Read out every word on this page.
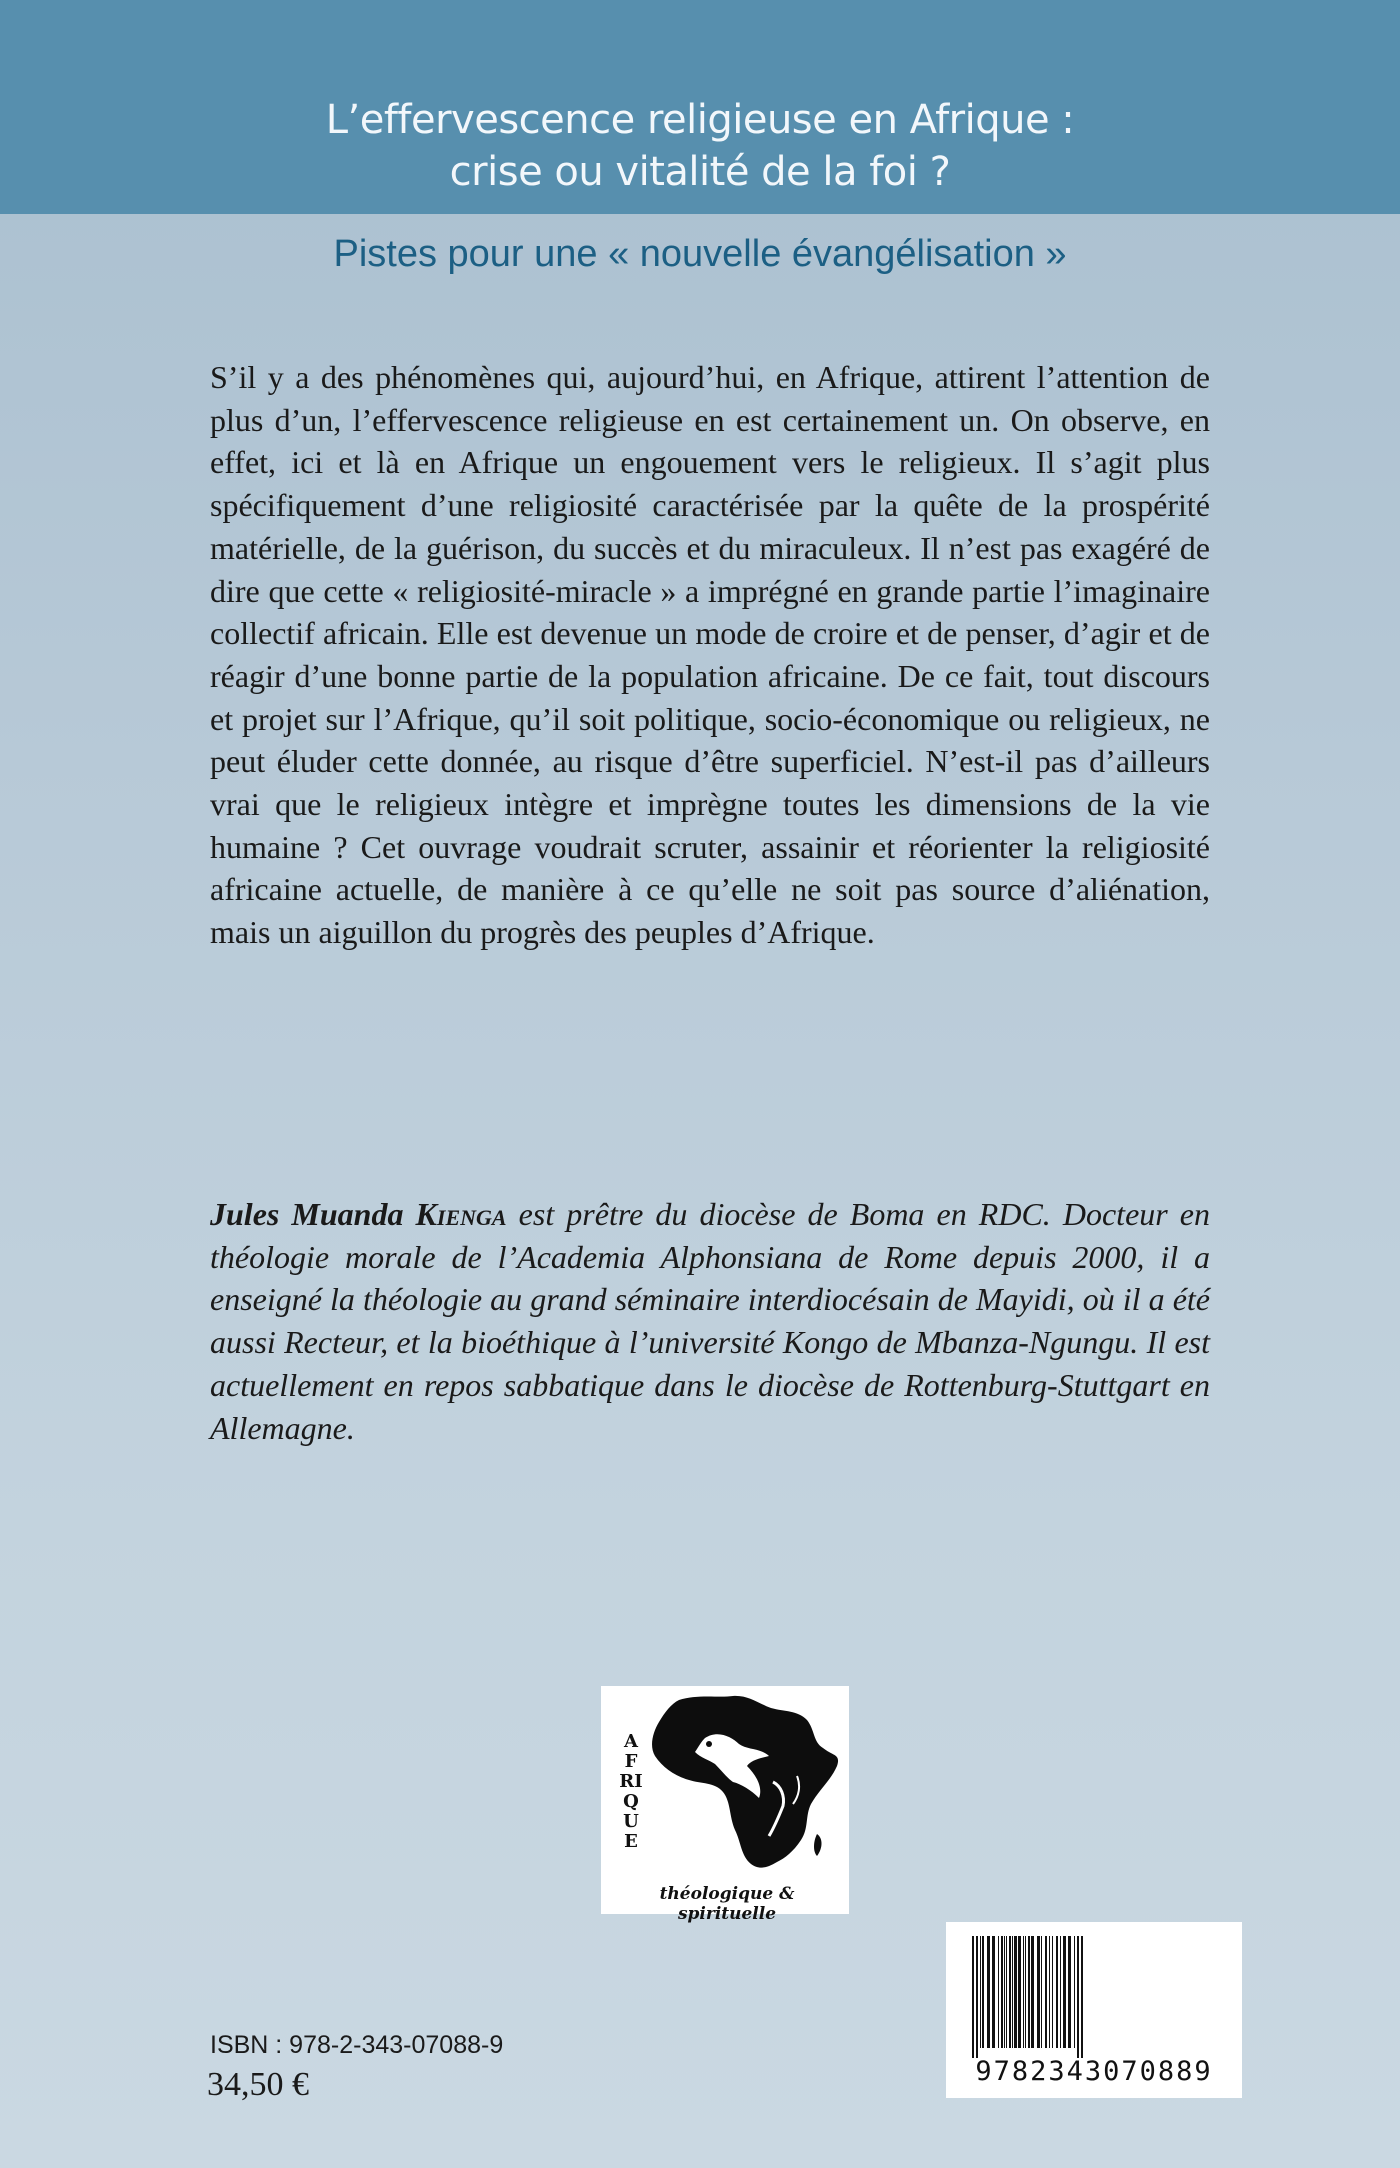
L’effervescence religieuse en Afrique :
crise ou vitalité de la foi ?
Pistes pour une « nouvelle évangélisation »

S’il y a des phénomènes qui, aujourd’hui, en Afrique, attirent l’attention de plus d’un, l’effervescence religieuse en est certainement un. On observe, en effet, ici et là en Afrique un engouement vers le religieux. Il s’agit plus spécifiquement d’une religiosité caractérisée par la quête de la prospérité matérielle, de la guérison, du succès et du miraculeux. Il n’est pas exagéré de dire que cette « religiosité-miracle » a imprégné en grande partie l’imaginaire collectif africain. Elle est devenue un mode de croire et de penser, d’agir et de réagir d’une bonne partie de la population africaine. De ce fait, tout discours et projet sur l’Afrique, qu’il soit politique, socio-économique ou religieux, ne peut éluder cette donnée, au risque d’être superficiel. N’est-il pas d’ailleurs vrai que le religieux intègre et imprègne toutes les dimensions de la vie humaine ? Cet ouvrage voudrait scruter, assainir et réorienter la religiosité africaine actuelle, de manière à ce qu’elle ne soit pas source d’aliénation, mais un aiguillon du progrès des peuples d’Afrique.

Jules Muanda Kienga est prêtre du diocèse de Boma en RDC. Docteur en théologie morale de l’Academia Alphonsiana de Rome depuis 2000, il a enseigné la théologie au grand séminaire interdiocésain de Mayidi, où il a été aussi Recteur, et la bioéthique à l’université Kongo de Mbanza-Ngungu. Il est actuellement en repos sabbatique dans le diocèse de Rottenburg-Stuttgart en Allemagne.

AFRIQUE
théologique & spirituelle
ISBN : 978-2-343-07088-9
34,50 €	9782343070889
